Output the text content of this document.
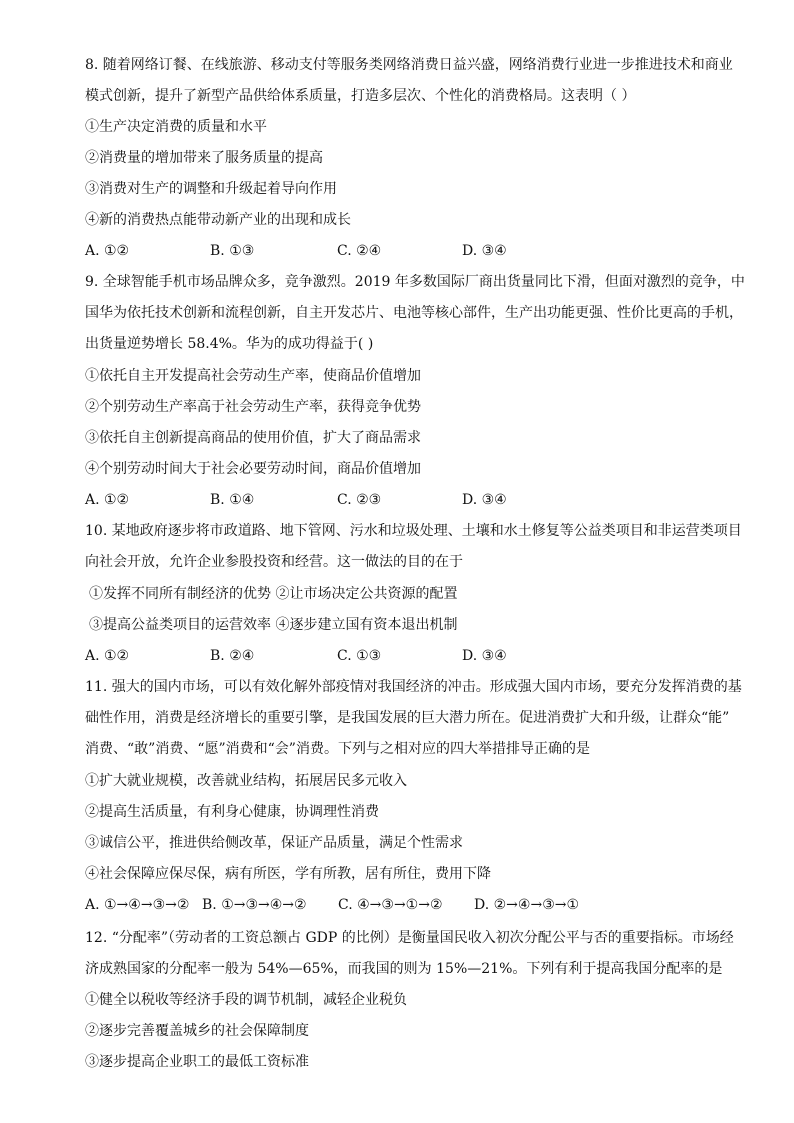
8. 随着网络订餐、在线旅游、移动支付等服务类网络消费日益兴盛，网络消费行业进一步推进技术和商业
模式创新，提升了新型产品供给体系质量，打造多层次、个性化的消费格局。这表明（ ）
①生产决定消费的质量和水平
②消费量的增加带来了服务质量的提高
③消费对生产的调整和升级起着导向作用
④新的消费热点能带动新产业的出现和成长
A. ①②	B. ①③	C. ②④	D. ③④
9. 全球智能手机市场品牌众多，竞争激烈。2019 年多数国际厂商出货量同比下滑，但面对激烈的竞争，中
国华为依托技术创新和流程创新，自主开发芯片、电池等核心部件，生产出功能更强、性价比更高的手机，
出货量逆势增长 58.4%。华为的成功得益于( )
①依托自主开发提高社会劳动生产率，使商品价值增加
②个别劳动生产率高于社会劳动生产率，获得竞争优势
③依托自主创新提高商品的使用价值，扩大了商品需求
④个别劳动时间大于社会必要劳动时间，商品价值增加
A. ①②	B. ①④	C. ②③	D. ③④
10. 某地政府逐步将市政道路、地下管网、污水和垃圾处理、土壤和水土修复等公益类项目和非运营类项目
向社会开放，允许企业参股投资和经营。这一做法的目的在于
①发挥不同所有制经济的优势 ②让市场决定公共资源的配置
③提高公益类项目的运营效率 ④逐步建立国有资本退出机制
A. ①②	B. ②④	C. ①③	D. ③④
11. 强大的国内市场，可以有效化解外部疫情对我国经济的冲击。形成强大国内市场，要充分发挥消费的基
础性作用，消费是经济增长的重要引擎，是我国发展的巨大潜力所在。促进消费扩大和升级，让群众“能”
消费、“敢”消费、“愿”消费和“会”消费。下列与之相对应的四大举措排导正确的是
①扩大就业规模，改善就业结构，拓展居民多元收入
②提高生活质量，有利身心健康，协调理性消费
③诚信公平，推进供给侧改革，保证产品质量，满足个性需求
④社会保障应保尽保，病有所医，学有所教，居有所住，费用下降
A. ①→④→③→② B. ①→③→④→② C. ④→③→①→② D. ②→④→③→①
12. “分配率”（劳动者的工资总额占 GDP 的比例）是衡量国民收入初次分配公平与否的重要指标。市场经
济成熟国家的分配率一般为 54%—65%，而我国的则为 15%—21%。下列有利于提高我国分配率的是
①健全以税收等经济手段的调节机制，减轻企业税负
②逐步完善覆盖城乡的社会保障制度
③逐步提高企业职工的最低工资标准
